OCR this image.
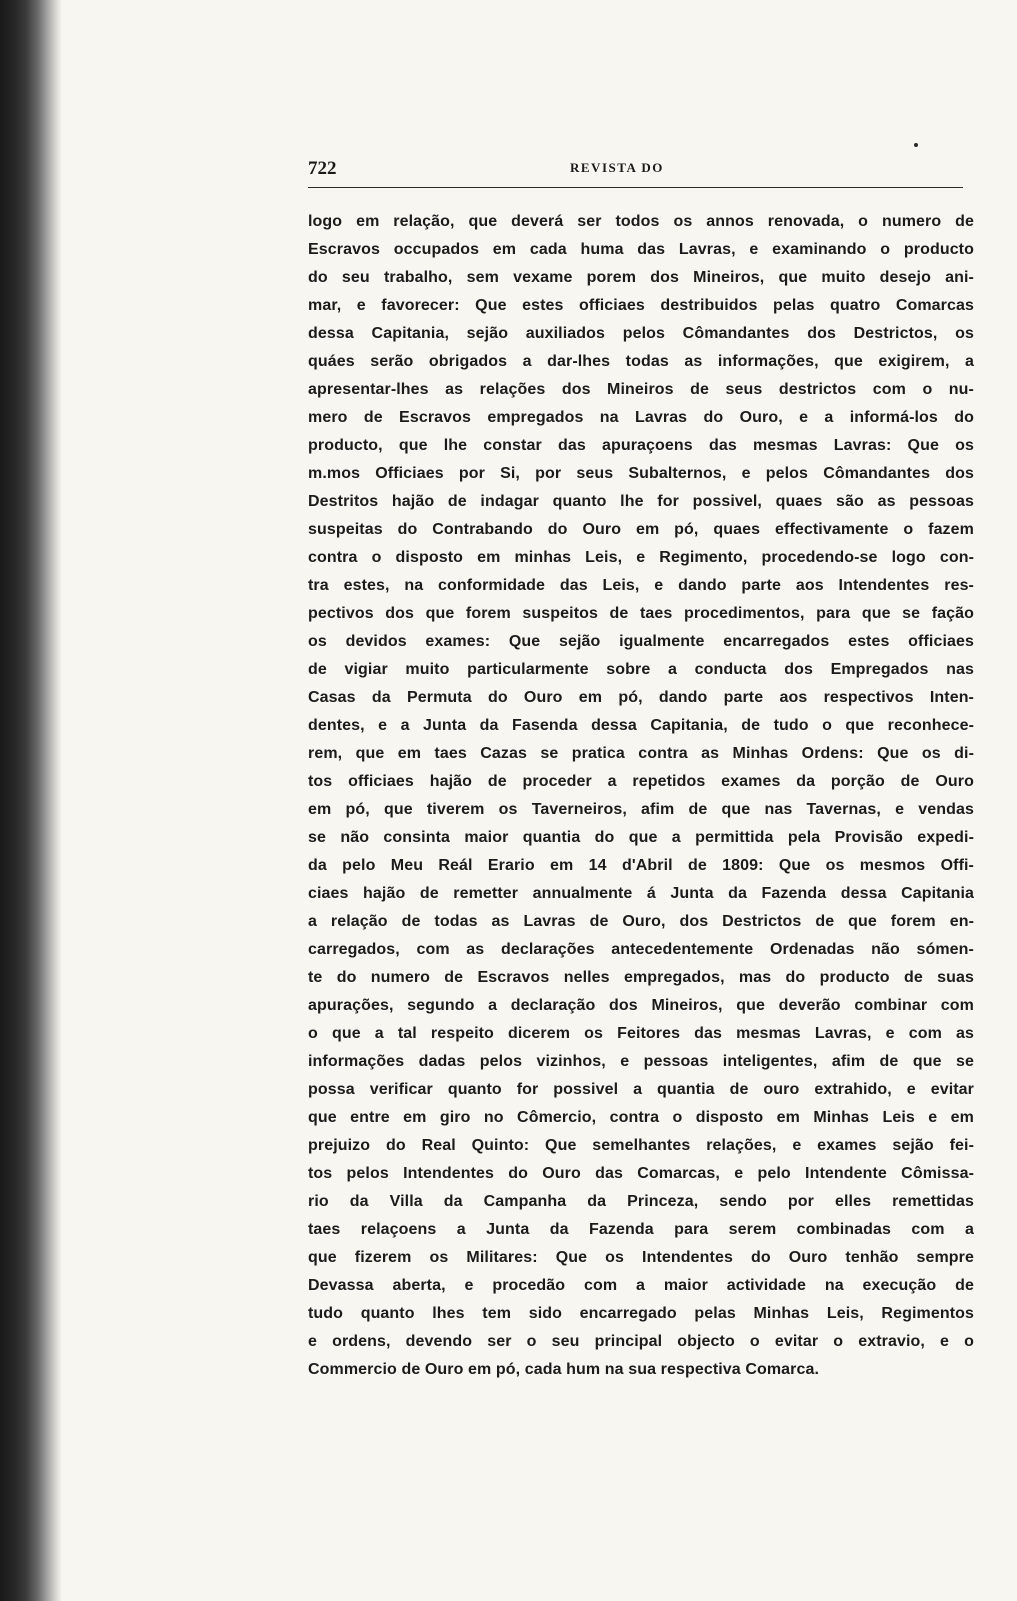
722	REVISTA DO
logo em relação, que deverá ser todos os annos renovada, o numero de
Escravos occupados em cada huma das Lavras, e examinando o producto
do seu trabalho, sem vexame porem dos Mineiros, que muito desejo ani-
mar, e favorecer: Que estes officiaes destribuidos pelas quatro Comarcas
dessa Capitania, sejão auxiliados pelos Cômandantes dos Destrictos, os
quáes serão obrigados a dar-lhes todas as informações, que exigirem, a
apresentar-lhes as relações dos Mineiros de seus destrictos com o nu-
mero de Escravos empregados na Lavras do Ouro, e a informá-los do
producto, que lhe constar das apuraçoens das mesmas Lavras: Que os
m.mos Officiaes por Si, por seus Subalternos, e pelos Cômandantes dos
Destritos hajão de indagar quanto lhe for possivel, quaes são as pessoas
suspeitas do Contrabando do Ouro em pó, quaes effectivamente o fazem
contra o disposto em minhas Leis, e Regimento, procedendo-se logo con-
tra estes, na conformidade das Leis, e dando parte aos Intendentes res-
pectivos dos que forem suspeitos de taes procedimentos, para que se fação
os devidos exames: Que sejão igualmente encarregados estes officiaes
de vigiar muito particularmente sobre a conducta dos Empregados nas
Casas da Permuta do Ouro em pó, dando parte aos respectivos Inten-
dentes, e a Junta da Fasenda dessa Capitania, de tudo o que reconhece-
rem, que em taes Cazas se pratica contra as Minhas Ordens: Que os di-
tos officiaes hajão de proceder a repetidos exames da porção de Ouro
em pó, que tiverem os Taverneiros, afim de que nas Tavernas, e vendas
se não consinta maior quantia do que a permittida pela Provisão expedi-
da pelo Meu Reál Erario em 14 d'Abril de 1809: Que os mesmos Offi-
ciaes hajão de remetter annualmente á Junta da Fazenda dessa Capitania
a relação de todas as Lavras de Ouro, dos Destrictos de que forem en-
carregados, com as declarações antecedentemente Ordenadas não sómen-
te do numero de Escravos nelles empregados, mas do producto de suas
apurações, segundo a declaração dos Mineiros, que deverão combinar com
o que a tal respeito dicerem os Feitores das mesmas Lavras, e com as
informações dadas pelos vizinhos, e pessoas inteligentes, afim de que se
possa verificar quanto for possivel a quantia de ouro extrahido, e evitar
que entre em giro no Cômercio, contra o disposto em Minhas Leis e em
prejuizo do Real Quinto: Que semelhantes relações, e exames sejão fei-
tos pelos Intendentes do Ouro das Comarcas, e pelo Intendente Cômissa-
rio da Villa da Campanha da Princeza, sendo por elles remettidas
taes relaçoens a Junta da Fazenda para serem combinadas com a
que fizerem os Militares: Que os Intendentes do Ouro tenhão sempre
Devassa aberta, e procedão com a maior actividade na execução de
tudo quanto lhes tem sido encarregado pelas Minhas Leis, Regimentos
e ordens, devendo ser o seu principal objecto o evitar o extravio, e o
Commercio de Ouro em pó, cada hum na sua respectiva Comarca.
